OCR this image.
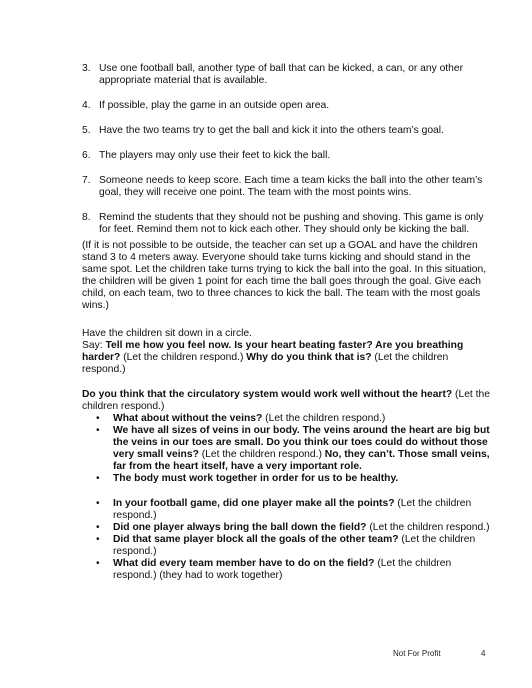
3. Use one football ball, another type of ball that can be kicked, a can, or any other appropriate material that is available.
4. If possible, play the game in an outside open area.
5. Have the two teams try to get the ball and kick it into the others team’s goal.
6. The players may only use their feet to kick the ball.
7. Someone needs to keep score. Each time a team kicks the ball into the other team’s goal, they will receive one point. The team with the most points wins.
8. Remind the students that they should not be pushing and shoving. This game is only for feet. Remind them not to kick each other. They should only be kicking the ball.
(If it is not possible to be outside, the teacher can set up a GOAL and have the children stand 3 to 4 meters away. Everyone should take turns kicking and should stand in the same spot. Let the children take turns trying to kick the ball into the goal. In this situation, the children will be given 1 point for each time the ball goes through the goal. Give each child, on each team, two to three chances to kick the ball. The team with the most goals wins.)
Have the children sit down in a circle.
Say: Tell me how you feel now. Is your heart beating faster? Are you breathing harder? (Let the children respond.) Why do you think that is? (Let the children respond.)
Do you think that the circulatory system would work well without the heart? (Let the children respond.)
•	What about without the veins? (Let the children respond.)
•	We have all sizes of veins in our body. The veins around the heart are big but the veins in our toes are small. Do you think our toes could do without those very small veins? (Let the children respond.) No, they can’t. Those small veins, far from the heart itself, have a very important role.
•	The body must work together in order for us to be healthy.
•	In your football game, did one player make all the points? (Let the children respond.)
•	Did one player always bring the ball down the field? (Let the children respond.)
•	Did that same player block all the goals of the other team? (Let the children respond.)
•	What did every team member have to do on the field? (Let the children respond.) (they had to work together)
Not For Profit	4
